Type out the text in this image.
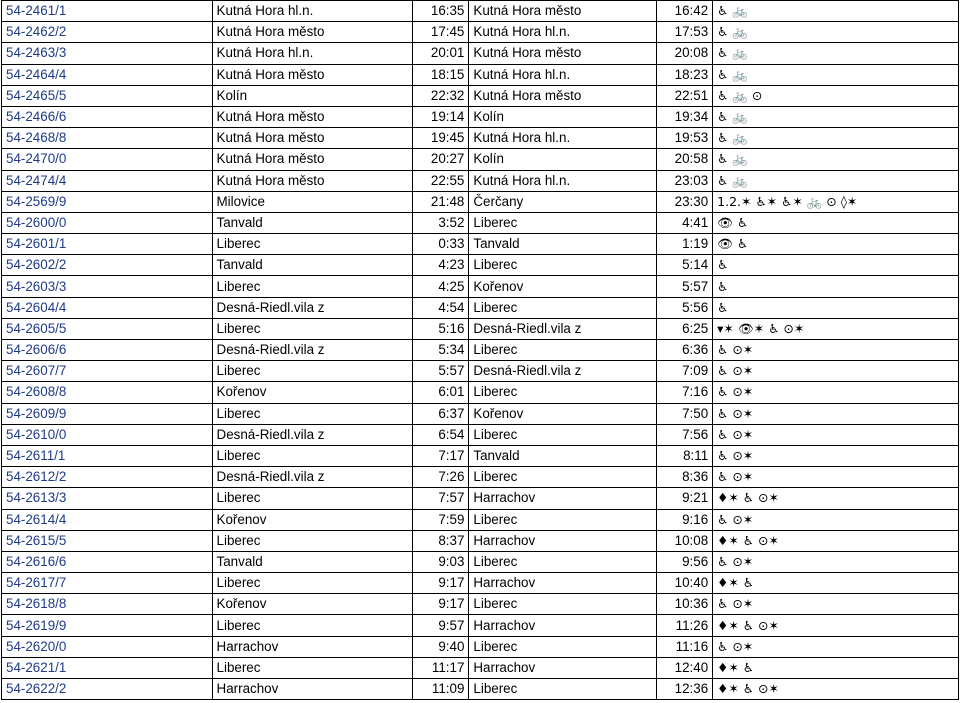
54-2461/1	Kutná Hora hl.n.	16:35	Kutná Hora město	16:42	♿ 🚲
54-2462/2	Kutná Hora město	17:45	Kutná Hora hl.n.	17:53	♿ 🚲
54-2463/3	Kutná Hora hl.n.	20:01	Kutná Hora město	20:08	♿ 🚲
54-2464/4	Kutná Hora město	18:15	Kutná Hora hl.n.	18:23	♿ 🚲
54-2465/5	Kolín	22:32	Kutná Hora město	22:51	♿ 🚲 ⊙
54-2466/6	Kutná Hora město	19:14	Kolín	19:34	♿ 🚲
54-2468/8	Kutná Hora město	19:45	Kutná Hora hl.n.	19:53	♿ 🚲
54-2470/0	Kutná Hora město	20:27	Kolín	20:58	♿ 🚲
54-2474/4	Kutná Hora město	22:55	Kutná Hora hl.n.	23:03	♿ 🚲
54-2569/9	Milovice	21:48	Čerčany	23:30	1.2.✶ ♿✶ ♿✶ 🚲 ⊙ ◊✶
54-2600/0	Tanvald	3:52	Liberec	4:41	👁 ♿
54-2601/1	Liberec	0:33	Tanvald	1:19	👁 ♿
54-2602/2	Tanvald	4:23	Liberec	5:14	♿
54-2603/3	Liberec	4:25	Kořenov	5:57	♿
54-2604/4	Desná-Riedl.vila z	4:54	Liberec	5:56	♿
54-2605/5	Liberec	5:16	Desná-Riedl.vila z	6:25	▾✶ 👁✶ ♿ ⊙✶
54-2606/6	Desná-Riedl.vila z	5:34	Liberec	6:36	♿ ⊙✶
54-2607/7	Liberec	5:57	Desná-Riedl.vila z	7:09	♿ ⊙✶
54-2608/8	Kořenov	6:01	Liberec	7:16	♿ ⊙✶
54-2609/9	Liberec	6:37	Kořenov	7:50	♿ ⊙✶
54-2610/0	Desná-Riedl.vila z	6:54	Liberec	7:56	♿ ⊙✶
54-2611/1	Liberec	7:17	Tanvald	8:11	♿ ⊙✶
54-2612/2	Desná-Riedl.vila z	7:26	Liberec	8:36	♿ ⊙✶
54-2613/3	Liberec	7:57	Harrachov	9:21	♦✶ ♿ ⊙✶
54-2614/4	Kořenov	7:59	Liberec	9:16	♿ ⊙✶
54-2615/5	Liberec	8:37	Harrachov	10:08	♦✶ ♿ ⊙✶
54-2616/6	Tanvald	9:03	Liberec	9:56	♿ ⊙✶
54-2617/7	Liberec	9:17	Harrachov	10:40	♦✶ ♿
54-2618/8	Kořenov	9:17	Liberec	10:36	♿ ⊙✶
54-2619/9	Liberec	9:57	Harrachov	11:26	♦✶ ♿ ⊙✶
54-2620/0	Harrachov	9:40	Liberec	11:16	♿ ⊙✶
54-2621/1	Liberec	11:17	Harrachov	12:40	♦✶ ♿
54-2622/2	Harrachov	11:09	Liberec	12:36	♦✶ ♿ ⊙✶
